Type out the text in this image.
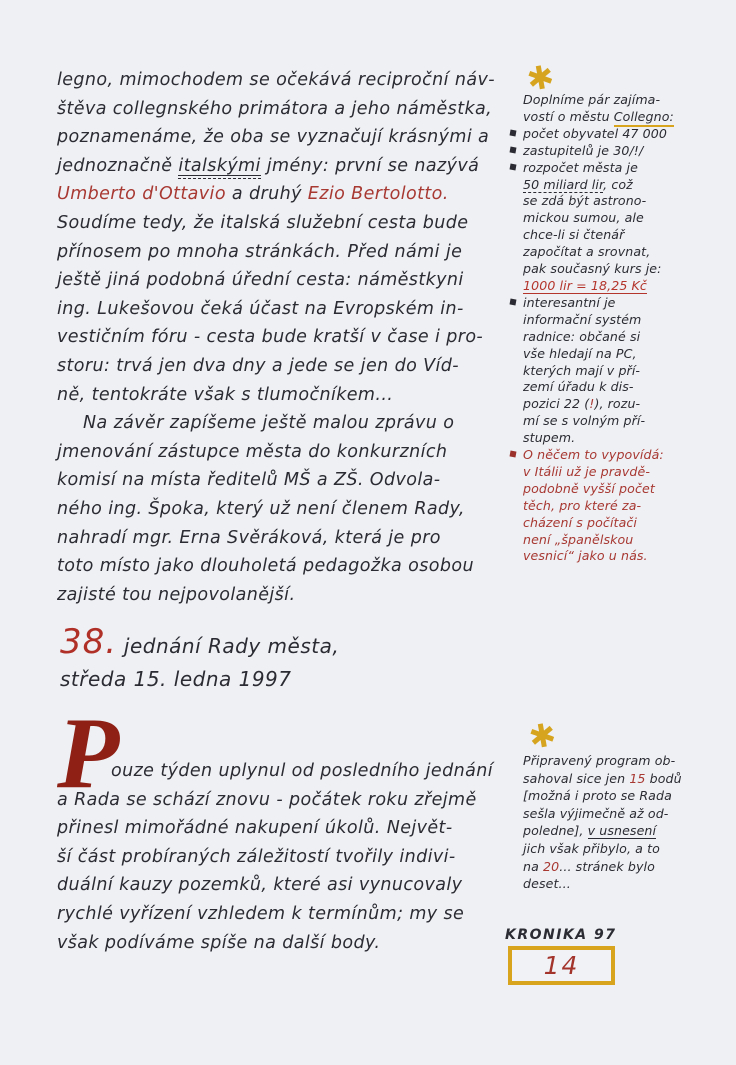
legno, mimochodem se očekává reciproční náv-
štěva collegnského primátora a jeho náměstka,
poznamenáme, že oba se vyznačují krásnými a
jednoznačně italskými jmény: první se nazývá
Umberto d'Ottavio a druhý Ezio Bertolotto.
Soudíme tedy, že italská služební cesta bude
přínosem po mnoha stránkách. Před námi je
ještě jiná podobná úřední cesta: náměstkyni
ing. Lukešovou čeká účast na Evropském in-
vestičním fóru - cesta bude kratší v čase i pro-
storu: trvá jen dva dny a jede se jen do Víd-
ně, tentokráte však s tlumočníkem...
Na závěr zapíšeme ještě malou zprávu o
jmenování zástupce města do konkurzních
komisí na místa ředitelů MŠ a ZŠ. Odvola-
ného ing. Špoka, který už není členem Rady,
nahradí mgr. Erna Svěráková, která je pro
toto místo jako dlouholetá pedagožka osobou
zajisté tou nejpovolanější.
38. jednání Rady města,
středa 15. ledna 1997
P
ouze týden uplynul od posledního jednání
a Rada se schází znovu - počátek roku zřejmě
přinesl mimořádné nakupení úkolů. Největ-
ší část probíraných záležitostí tvořily indivi-
duální kauzy pozemků, které asi vynucovaly
rychlé vyřízení vzhledem k termínům; my se
však podíváme spíše na další body.
✱
Doplníme pár zajíma-
vostí o městu Collegno:
počet obyvatel 47 000
zastupitelů je 30/!/
rozpočet města je
50 miliard lir, což
se zdá být astrono-
mickou sumou, ale
chce-li si čtenář
započítat a srovnat,
pak současný kurs je:
1000 lir = 18,25 Kč
interesantní je
informační systém
radnice: občané si
vše hledají na PC,
kterých mají v pří-
zemí úřadu k dis-
pozici 22 (!), rozu-
mí se s volným pří-
stupem.
O něčem to vypovídá:
v Itálii už je pravdě-
podobně vyšší počet
těch, pro které za-
cházení s počítači
není „španělskou
vesnicí“ jako u nás.
✱
Připravený program ob-
sahoval sice jen 15 bodů
[možná i proto se Rada
sešla výjimečně až od-
poledne], v usnesení
jich však přibylo, a to
na 20... stránek bylo
deset...
KRONIKA 97
14
